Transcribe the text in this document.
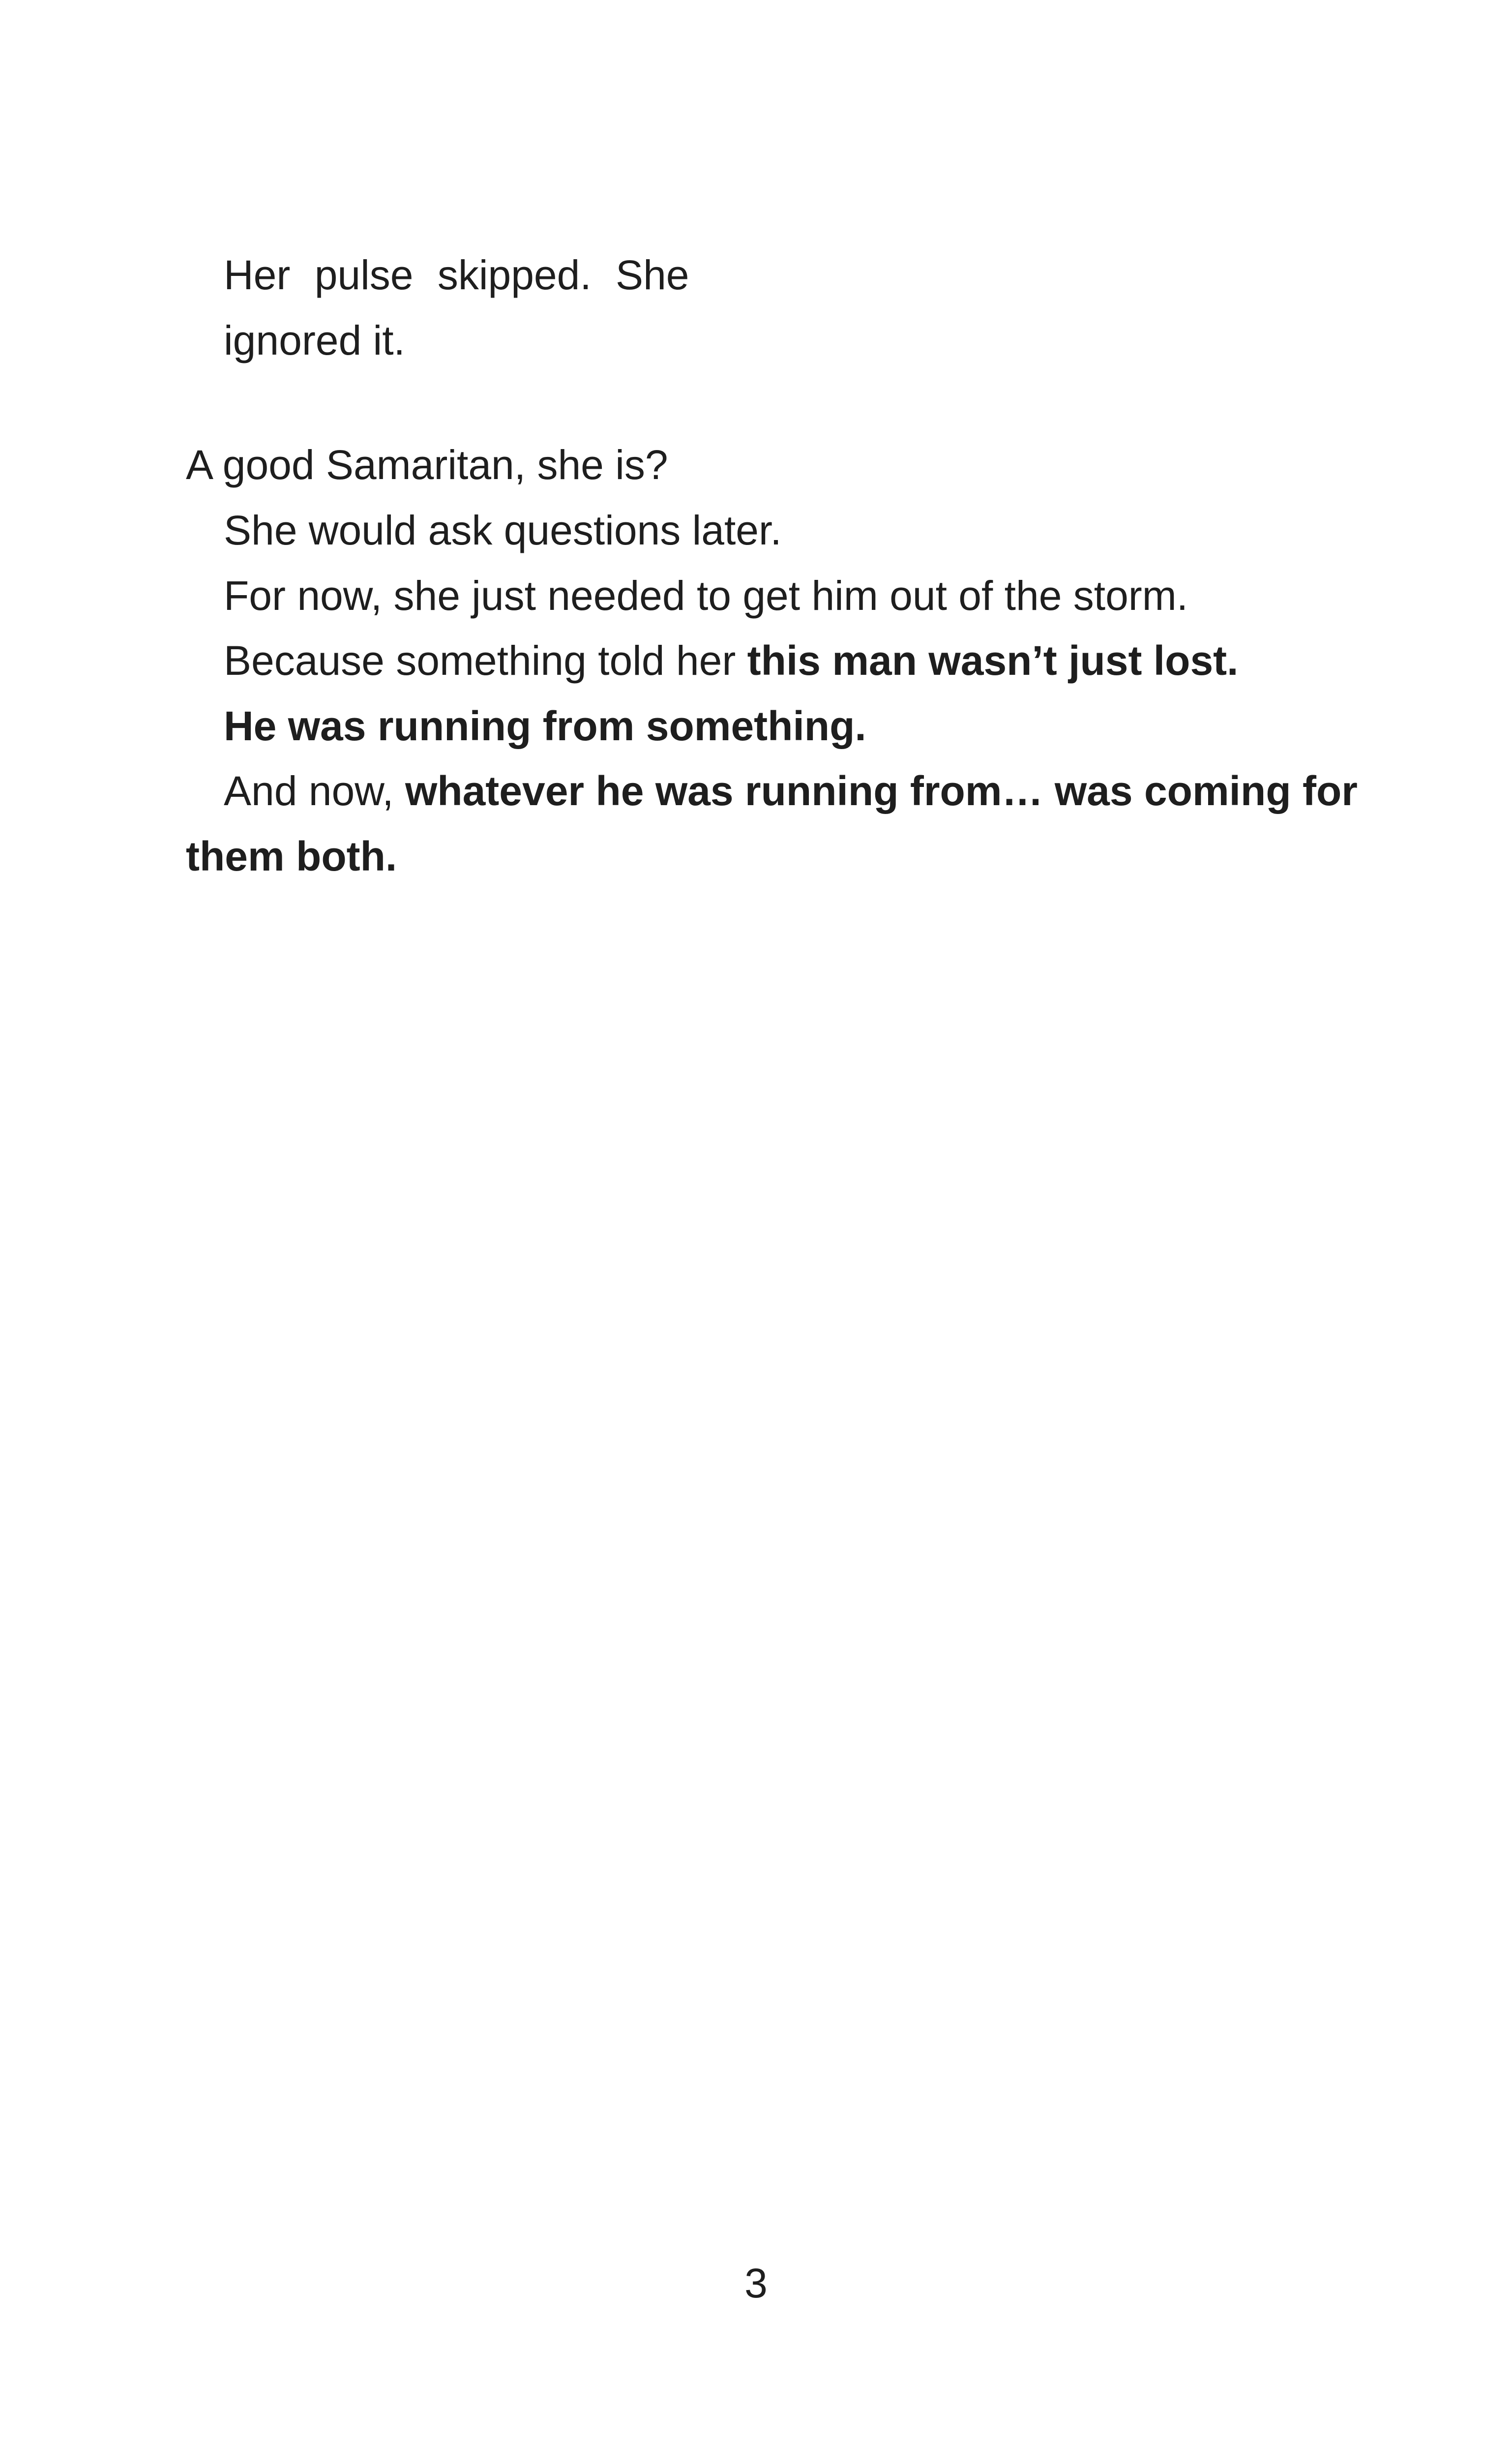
Her pulse skipped. She
ignored it.
A good Samaritan, she is?
She would ask questions later.
For now, she just needed to get him out of the storm.
Because something told her this man wasn’t just lost.
He was running from something.
And now, whatever he was running from… was coming for
them both.
3
